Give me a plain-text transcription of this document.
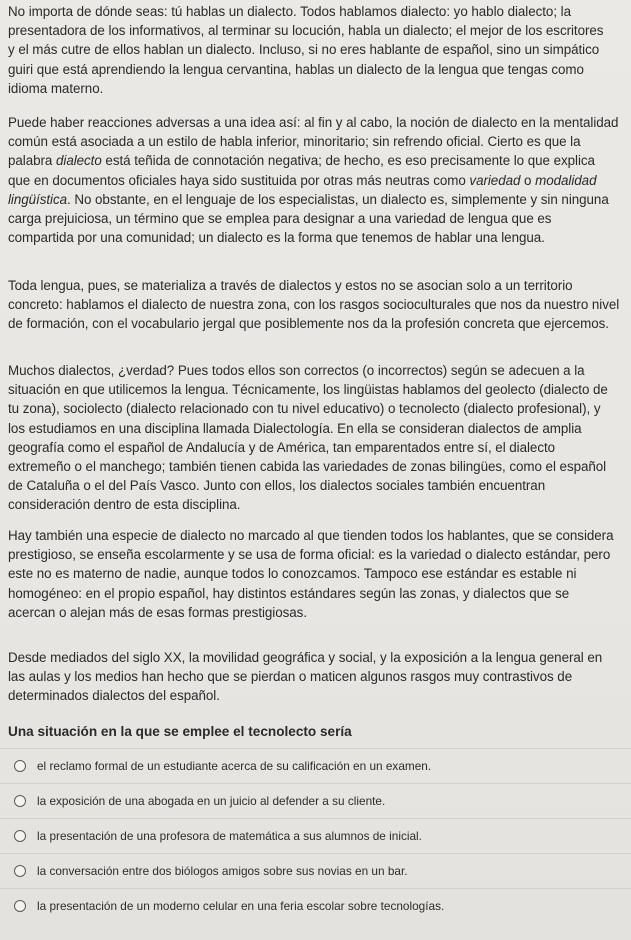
No importa de dónde seas: tú hablas un dialecto. Todos hablamos dialecto: yo hablo dialecto; la presentadora de los informativos, al terminar su locución, habla un dialecto; el mejor de los escritores y el más cutre de ellos hablan un dialecto. Incluso, si no eres hablante de español, sino un simpático guiri que está aprendiendo la lengua cervantina, hablas un dialecto de la lengua que tengas como idioma materno.

Puede haber reacciones adversas a una idea así: al fin y al cabo, la noción de dialecto en la mentalidad común está asociada a un estilo de habla inferior, minoritario; sin refrendo oficial. Cierto es que la palabra dialecto está teñida de connotación negativa; de hecho, es eso precisamente lo que explica que en documentos oficiales haya sido sustituida por otras más neutras como variedad o modalidad lingüística. No obstante, en el lenguaje de los especialistas, un dialecto es, simplemente y sin ninguna carga prejuiciosa, un término que se emplea para designar a una variedad de lengua que es compartida por una comunidad; un dialecto es la forma que tenemos de hablar una lengua.

Toda lengua, pues, se materializa a través de dialectos y estos no se asocian solo a un territorio concreto: hablamos el dialecto de nuestra zona, con los rasgos socioculturales que nos da nuestro nivel de formación, con el vocabulario jergal que posiblemente nos da la profesión concreta que ejercemos.

Muchos dialectos, ¿verdad? Pues todos ellos son correctos (o incorrectos) según se adecuen a la situación en que utilicemos la lengua. Técnicamente, los lingüistas hablamos del geolecto (dialecto de tu zona), sociolecto (dialecto relacionado con tu nivel educativo) o tecnolecto (dialecto profesional), y los estudiamos en una disciplina llamada Dialectología. En ella se consideran dialectos de amplia geografía como el español de Andalucía y de América, tan emparentados entre sí, el dialecto extremeño o el manchego; también tienen cabida las variedades de zonas bilingües, como el español de Cataluña o el del País Vasco. Junto con ellos, los dialectos sociales también encuentran consideración dentro de esta disciplina.

Hay también una especie de dialecto no marcado al que tienden todos los hablantes, que se considera prestigioso, se enseña escolarmente y se usa de forma oficial: es la variedad o dialecto estándar, pero este no es materno de nadie, aunque todos lo conozcamos. Tampoco ese estándar es estable ni homogéneo: en el propio español, hay distintos estándares según las zonas, y dialectos que se acercan o alejan más de esas formas prestigiosas.

Desde mediados del siglo XX, la movilidad geográfica y social, y la exposición a la lengua general en las aulas y los medios han hecho que se pierdan o maticen algunos rasgos muy contrastivos de determinados dialectos del español.

Una situación en la que se emplee el tecnolecto sería

el reclamo formal de un estudiante acerca de su calificación en un examen.
la exposición de una abogada en un juicio al defender a su cliente.
la presentación de una profesora de matemática a sus alumnos de inicial.
la conversación entre dos biólogos amigos sobre sus novias en un bar.
la presentación de un moderno celular en una feria escolar sobre tecnologías.
